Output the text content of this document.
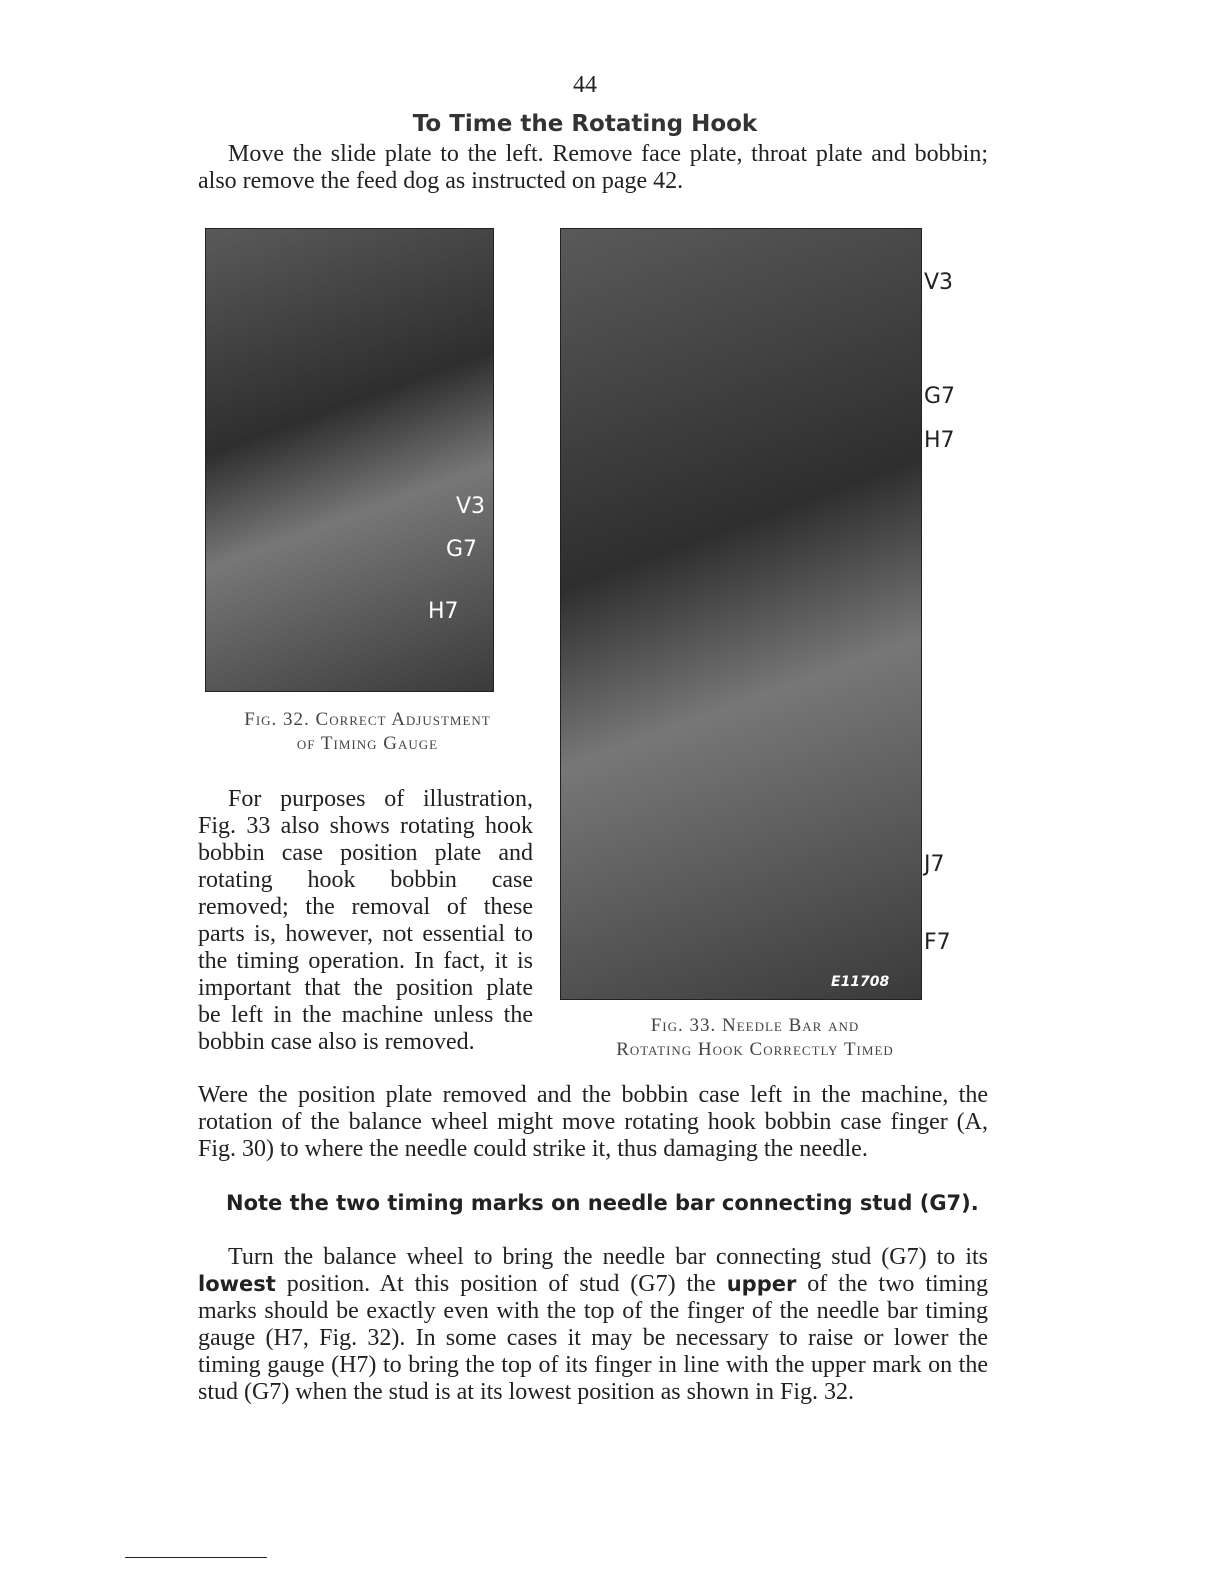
44
To Time the Rotating Hook
Move the slide plate to the left. Remove face plate, throat plate and bobbin; also remove the feed dog as instructed on page 42.
V3
G7
H7
Fig. 32. Correct Adjustment
of Timing Gauge
E11708
V3
G7
H7
J7
F7
Fig. 33. Needle Bar and
Rotating Hook Correctly Timed
For purposes of illustration, Fig. 33 also shows rotating hook bobbin case position plate and rotating hook bobbin case removed; the removal of these parts is, however, not essential to the timing operation. In fact, it is important that the position plate be left in the machine unless the bobbin case also is removed.
Were the position plate removed and the bobbin case left in the machine, the rotation of the balance wheel might move rotating hook bobbin case finger (A, Fig. 30) to where the needle could strike it, thus damaging the needle.
Note the two timing marks on needle bar connecting stud (G7).
Turn the balance wheel to bring the needle bar connecting stud (G7) to its lowest position. At this position of stud (G7) the upper of the two timing marks should be exactly even with the top of the finger of the needle bar timing gauge (H7, Fig. 32). In some cases it may be necessary to raise or lower the timing gauge (H7) to bring the top of its finger in line with the upper mark on the stud (G7) when the stud is at its lowest position as shown in Fig. 32.
